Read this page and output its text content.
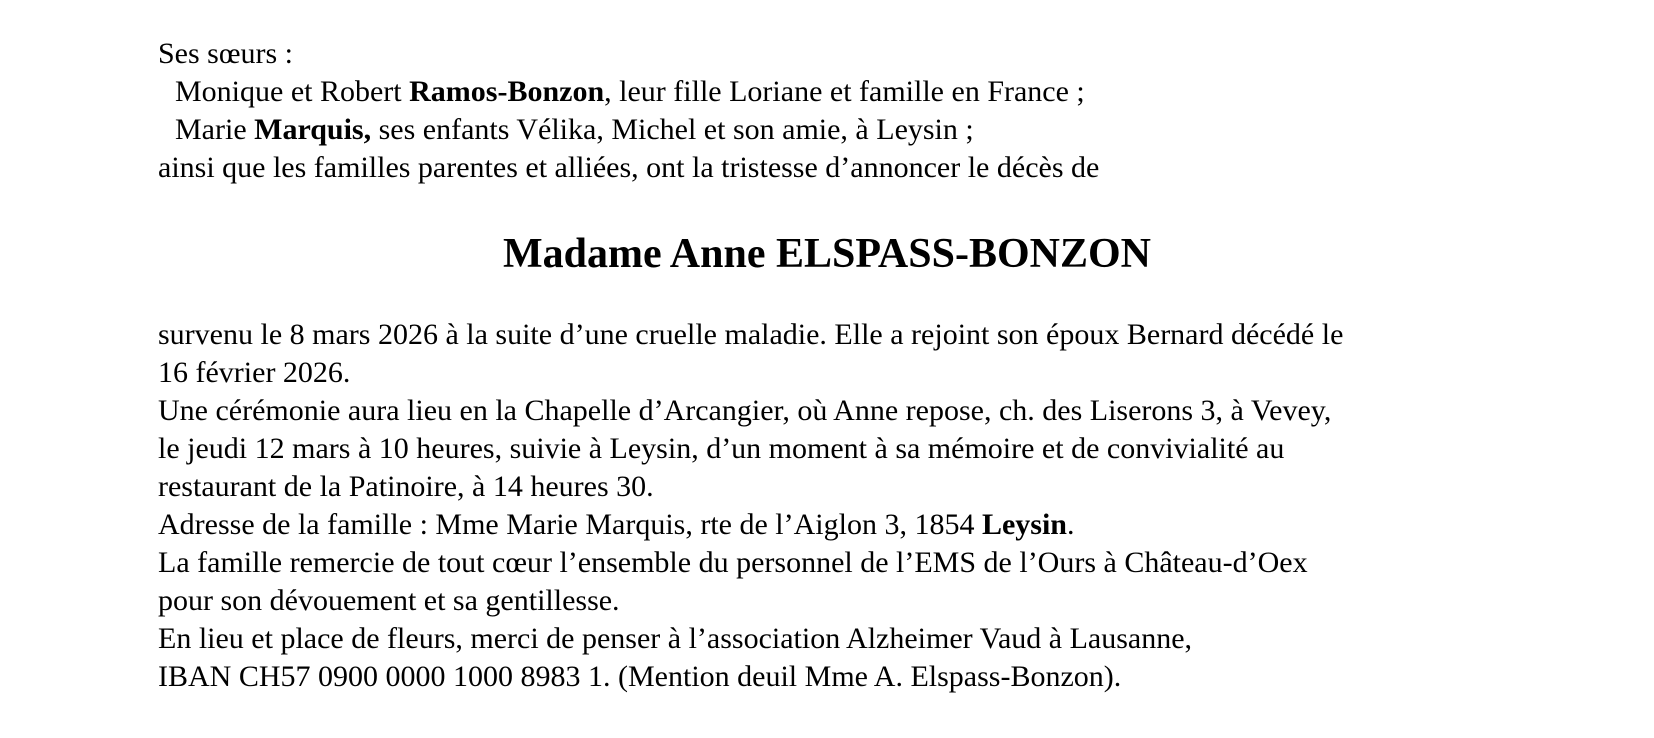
Ses sœurs :
Monique et Robert Ramos-Bonzon, leur fille Loriane et famille en France ;
Marie Marquis, ses enfants Vélika, Michel et son amie, à Leysin ;
ainsi que les familles parentes et alliées, ont la tristesse d’annoncer le décès de
Madame Anne ELSPASS-BONZON
survenu le 8 mars 2026 à la suite d’une cruelle maladie. Elle a rejoint son époux Bernard décédé le
16 février 2026.
Une cérémonie aura lieu en la Chapelle d’Arcangier, où Anne repose, ch. des Liserons 3, à Vevey,
le jeudi 12 mars à 10 heures, suivie à Leysin, d’un moment à sa mémoire et de convivialité au
restaurant de la Patinoire, à 14 heures 30.
Adresse de la famille : Mme Marie Marquis, rte de l’Aiglon 3, 1854 Leysin.
La famille remercie de tout cœur l’ensemble du personnel de l’EMS de l’Ours à Château-d’Oex
pour son dévouement et sa gentillesse.
En lieu et place de fleurs, merci de penser à l’association Alzheimer Vaud à Lausanne,
IBAN CH57 0900 0000 1000 8983 1. (Mention deuil Mme A. Elspass-Bonzon).
